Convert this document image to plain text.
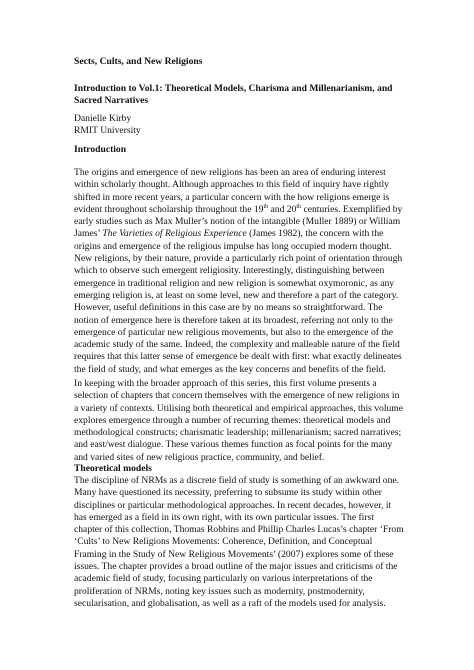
Sects, Cults, and New Religions

Introduction to Vol.1: Theoretical Models, Charisma and Millenarianism, and
Sacred Narratives

Danielle Kirby
RMIT University

Introduction

The origins and emergence of new religions has been an area of enduring interest
within scholarly thought. Although approaches to this field of inquiry have rightly
shifted in more recent years, a particular concern with the how religions emerge is
evident throughout scholarship throughout the 19th and 20th centuries. Exemplified by
early studies such as Max Muller’s notion of the intangible (Muller 1889) or William
James’ The Varieties of Religious Experience (James 1982), the concern with the
origins and emergence of the religious impulse has long occupied modern thought.
New religions, by their nature, provide a particularly rich point of orientation through
which to observe such emergent religiosity. Interestingly, distinguishing between
emergence in traditional religion and new religion is somewhat oxymoronic, as any
emerging religion is, at least on some level, new and therefore a part of the category.
However, useful definitions in this case are by no means so straightforward. The
notion of emergence here is therefore taken at its broadest, referring not only to the
emergence of particular new religious movements, but also to the emergence of the
academic study of the same. Indeed, the complexity and malleable nature of the field
requires that this latter sense of emergence be dealt with first: what exactly delineates
the field of study, and what emerges as the key concerns and benefits of the field.
In keeping with the broader approach of this series, this first volume presents a
selection of chapters that concern themselves with the emergence of new religions in
a variety of contexts. Utilising both theoretical and empirical approaches, this volume
explores emergence through a number of recurring themes: theoretical models and
methodological constructs; charismatic leadership; millenarianism; sacred narratives;
and east/west dialogue. These various themes function as focal points for the many
and varied sites of new religious practice, community, and belief.

Theoretical models

The discipline of NRMs as a discrete field of study is something of an awkward one.
Many have questioned its necessity, preferring to subsume its study within other
disciplines or particular methodological approaches. In recent decades, however, it
has emerged as a field in its own right, with its own particular issues. The first
chapter of this collection, Thomas Robbins and Phillip Charles Lucas’s chapter ‘From
‘Cults’ to New Religions Movements: Coherence, Definition, and Conceptual
Framing in the Study of New Religious Movements’ (2007) explores some of these
issues. The chapter provides a broad outline of the major issues and criticisms of the
academic field of study, focusing particularly on various interpretations of the
proliferation of NRMs, noting key issues such as modernity, postmodernity,
secularisation, and globalisation, as well as a raft of the models used for analysis.
